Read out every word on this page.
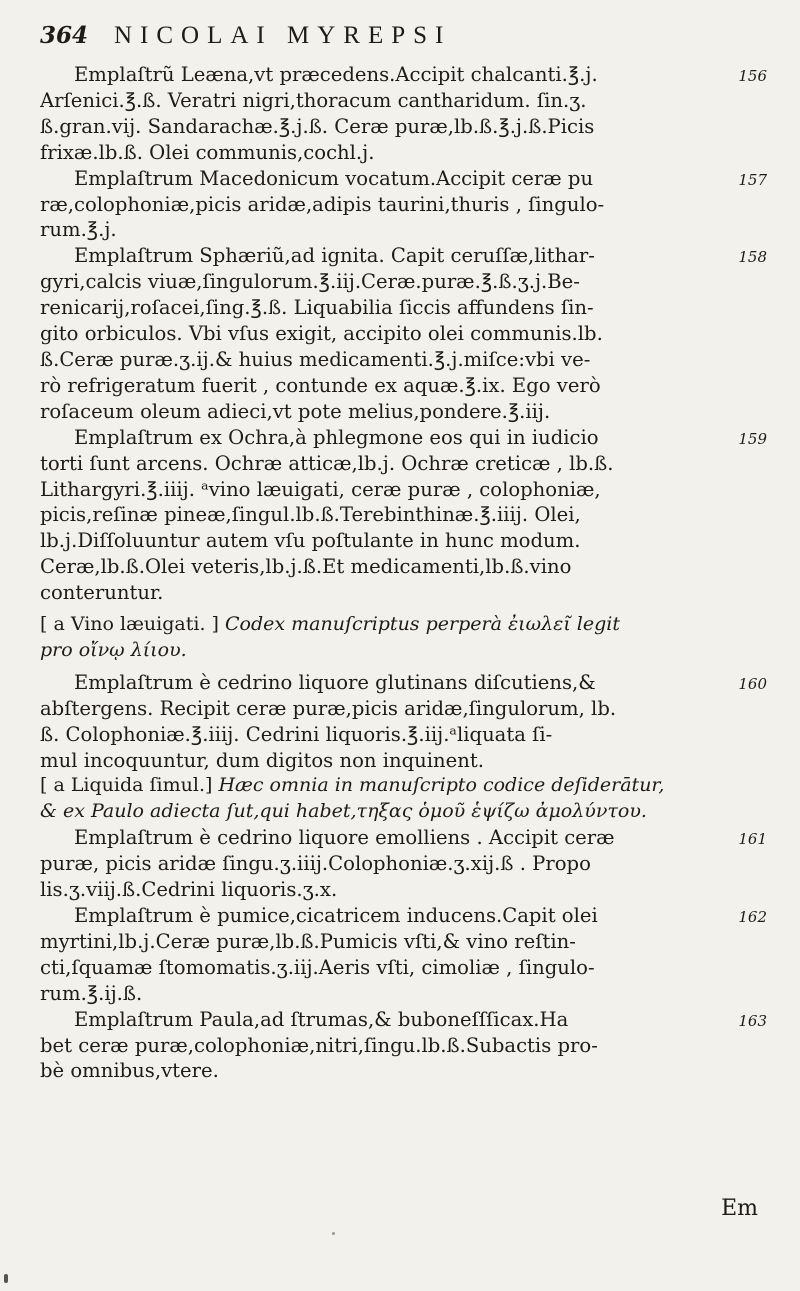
364	NICOLAI MYREPSI
Emplaſtrũ Leæna,vt præcedens.Accipit chalcanti.℥.j.	156
Arſenici.℥.ß. Veratri nigri,thoracum cantharidum. ſin.ʒ.
ß.gran.vij. Sandarachæ.℥.j.ß. Ceræ puræ,lb.ß.℥.j.ß.Picis
frixæ.lb.ß. Olei communis,cochl.j.
Emplaſtrum Macedonicum vocatum.Accipit ceræ pu	157
ræ,colophoniæ,picis aridæ,adipis taurini,thuris , ſingulo-
rum.℥.j.
Emplaſtrum Sphæriũ,ad ignita. Capit ceruſſæ,lithar-	158
gyri,calcis viuæ,ſingulorum.℥.iij.Ceræ.puræ.℥.ß.ʒ.j.Be-
renicarij,roſacei,ſing.℥.ß. Liquabilia ſiccis affundens ſin-
gito orbiculos. Vbi vſus exigit, accipito olei communis.lb.
ß.Ceræ puræ.ʒ.ij.& huius medicamenti.℥.j.miſce:vbi ve-
rò refrigeratum fuerit , contunde ex aquæ.℥.ix. Ego verò
roſaceum oleum adieci,vt pote melius,pondere.℥.iij.
Emplaſtrum ex Ochra,à phlegmone eos qui in iudicio	159
torti ſunt arcens. Ochræ atticæ,lb.j. Ochræ creticæ , lb.ß.
Lithargyri.℥.iiij. ᵃvino læuigati, ceræ puræ , colophoniæ,
picis,reſinæ pineæ,ſingul.lb.ß.Terebinthinæ.℥.iiij. Olei,
lb.j.Diſſoluuntur autem vſu poſtulante in hunc modum.
Ceræ,lb.ß.Olei veteris,lb.j.ß.Et medicamenti,lb.ß.vino
conteruntur.

[ a Vino læuigati. ] Codex manuſcriptus perperà ἐιωλεῖ legit
pro οἴνῳ λίιου.

Emplaſtrum è cedrino liquore glutinans diſcutiens,&	160
abſtergens. Recipit ceræ puræ,picis aridæ,ſingulorum, lb.
ß. Colophoniæ.℥.iiij. Cedrini liquoris.℥.iij.ᵃliquata ſi-
mul incoquuntur, dum digitos non inquinent.

[ a Liquida ſimul.] Hæc omnia in manuſcripto codice deſiderātur,
& ex Paulo adiecta ſut,qui habet,τηξας ὁμοῦ ἑψίζω ἀμολύντου.

Emplaſtrum è cedrino liquore emolliens . Accipit ceræ	161
puræ, picis aridæ ſingu.ʒ.iiij.Colophoniæ.ʒ.xij.ß . Propo
lis.ʒ.viij.ß.Cedrini liquoris.ʒ.x.
Emplaſtrum è pumice,cicatricem inducens.Capit olei	162
myrtini,lb.j.Ceræ puræ,lb.ß.Pumicis vſti,& vino reſtin-
cti,ſquamæ ſtomomatis.ʒ.iij.Aeris vſti, cimoliæ , ſingulo-
rum.℥.ij.ß.
Emplaſtrum Paula,ad ſtrumas,& buboneſſſicax.Ha	163
bet ceræ puræ,colophoniæ,nitri,ſingu.lb.ß.Subactis pro-
bè omnibus,vtere.
Em
